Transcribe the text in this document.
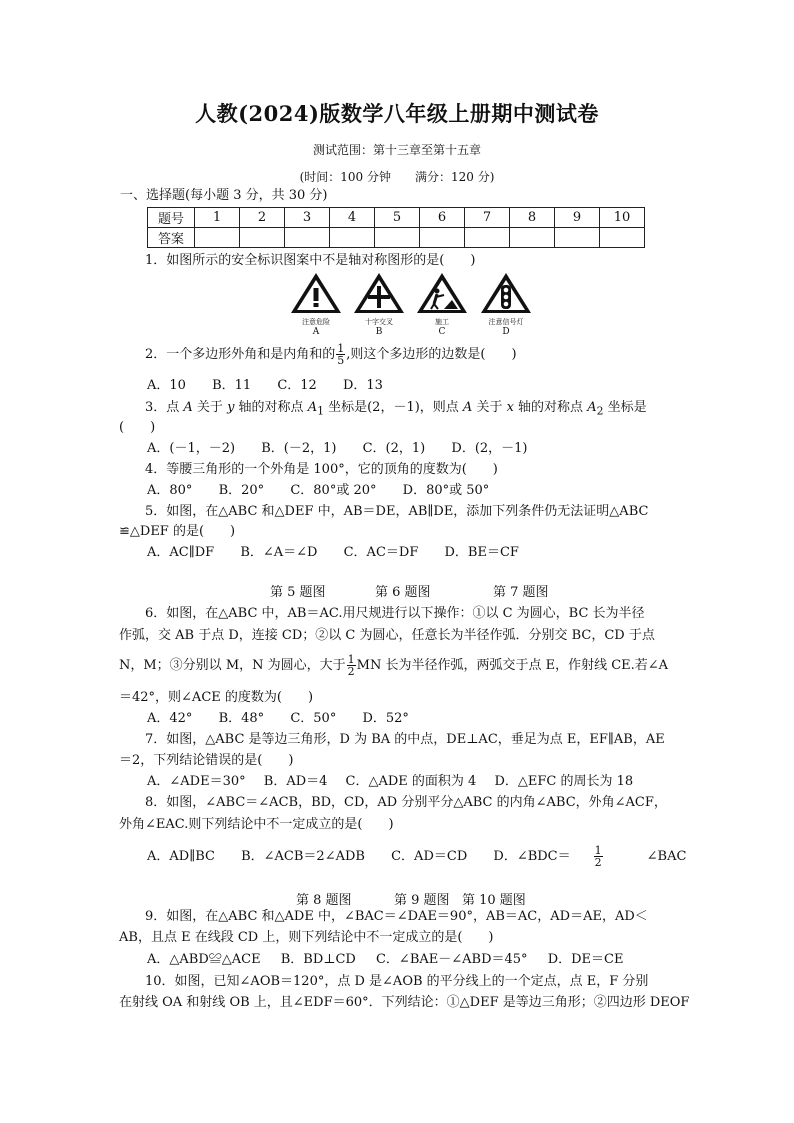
人教(2024)版数学八年级上册期中测试卷
测试范围：第十三章至第十五章
(时间：100 分钟　　满分：120 分)
一、选择题(每小题 3 分，共 30 分)
题号	1	2	3	4	5	6	7	8	9	10
答案										
1．如图所示的安全标识图案中不是轴对称图形的是(　　)
注意危险
A
十字交叉
B
施工
C
注意信号灯
D
2．一个多边形外角和是内角和的 $\frac{1}{5}$ ,则这个多边形的边数是(　　)
A．10 B．11 C．12 D．13
3．点 A 关于 y 轴的对称点 $A_1$ 坐标是(2，－1)，则点 A 关于 x 轴的对称点 $A_2$ 坐标是
(　　)
A．(－1，－2) B．(－2，1) C．(2，1) D．(2，－1)
4．等腰三角形的一个外角是 100°，它的顶角的度数为(　　)
A．80° B．20° C．80°或 20° D．80°或 50°
5．如图，在△ABC 和△DEF 中，AB＝DE，AB∥DE，添加下列条件仍无法证明△ABC
≌△DEF 的是(　　)
A．AC∥DF B．∠A＝∠D C．AC＝DF D．BE＝CF
第 5 题图	第 6 题图	第 7 题图
6．如图，在△ABC 中，AB＝AC.用尺规进行以下操作：①以 C 为圆心，BC 长为半径
作弧，交 AB 于点 D，连接 CD；②以 C 为圆心，任意长为半径作弧．分别交 BC，CD 于点
N，M；③分别以 M，N 为圆心，大于 $\frac{1}{2}$ MN 长为半径作弧，两弧交于点 E，作射线 CE.若∠A
＝42°，则∠ACE 的度数为(　　)
A．42° B．48° C．50° D．52°
7．如图，△ABC 是等边三角形，D 为 BA 的中点，DE⊥AC，垂足为点 E，EF∥AB，AE
＝2，下列结论错误的是(　　)
A．∠ADE＝30° B．AD＝4 C．△ADE 的面积为 4 D．△EFC 的周长为 18
8．如图，∠ABC＝∠ACB，BD，CD，AD 分别平分△ABC 的内角∠ABC，外角∠ACF，
外角∠EAC.则下列结论中不一定成立的是(　　)
A．AD∥BC B．∠ACB＝2∠ADB C．AD＝CD D．∠BDC＝ $\frac{1}{2}$ ∠BAC
第 8 题图	第 9 题图 第 10 题图
9．如图，在△ABC 和△ADE 中，∠BAC＝∠DAE＝90°，AB＝AC，AD＝AE，AD＜
AB，且点 E 在线段 CD 上，则下列结论中不一定成立的是(　　)
A．△ABD≌△ACE B．BD⊥CD C．∠BAE－∠ABD＝45° D．DE＝CE
10．如图，已知∠AOB＝120°，点 D 是∠AOB 的平分线上的一个定点，点 E，F 分别
在射线 OA 和射线 OB 上，且∠EDF＝60°．下列结论：①△DEF 是等边三角形；②四边形 DEOF
